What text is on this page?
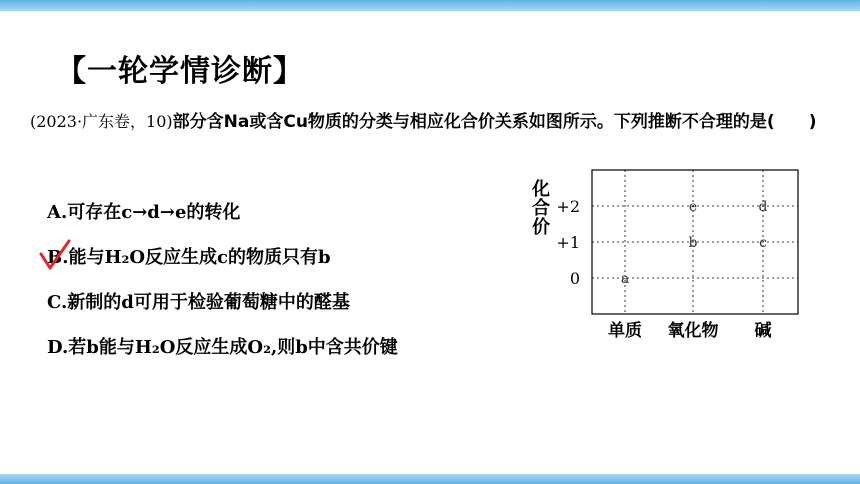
【一轮学情诊断】
(2023·广东卷，10)部分含Na或含Cu物质的分类与相应化合价关系如图所示。下列推断不合理的是(　　)
A.可存在c→d→e的转化
B.能与H₂O反应生成c的物质只有b
C.新制的d可用于检验葡萄糖中的醛基
D.若b能与H₂O反应生成O₂,则b中含共价键
化合价
+2
+1
0
单质 氧化物 碱
a
b	c
e	d
